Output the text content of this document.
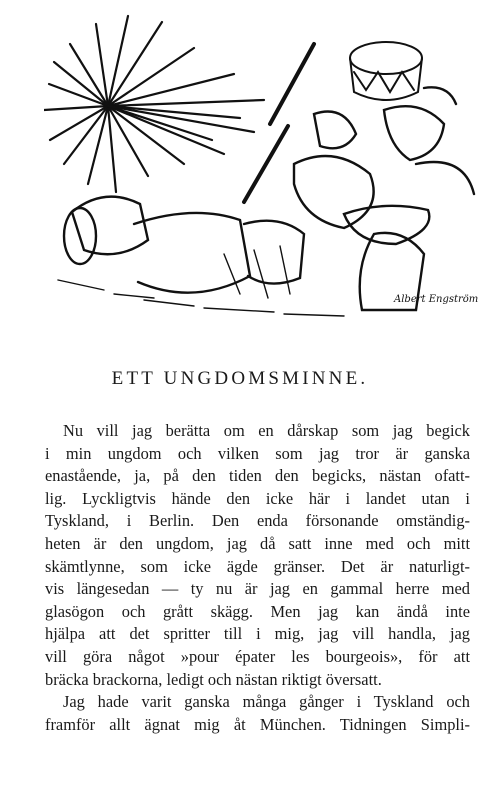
Albert Engström
ETT UNGDOMSMINNE.

Nu vill jag berätta om en dårskap som jag begick
i min ungdom och vilken som jag tror är ganska
enastående, ja, på den tiden den begicks, nästan ofatt-
lig. Lyckligtvis hände den icke här i landet utan i
Tyskland, i Berlin. Den enda försonande omständig-
heten är den ungdom, jag då satt inne med och mitt
skämtlynne, som icke ägde gränser. Det är naturligt-
vis längesedan — ty nu är jag en gammal herre med
glasögon och grått skägg. Men jag kan ändå inte
hjälpa att det spritter till i mig, jag vill handla, jag
vill göra något »pour épater les bourgeois», för att
bräcka brackorna, ledigt och nästan riktigt översatt.

Jag hade varit ganska många gånger i Tyskland och
framför allt ägnat mig åt München. Tidningen Simpli-
